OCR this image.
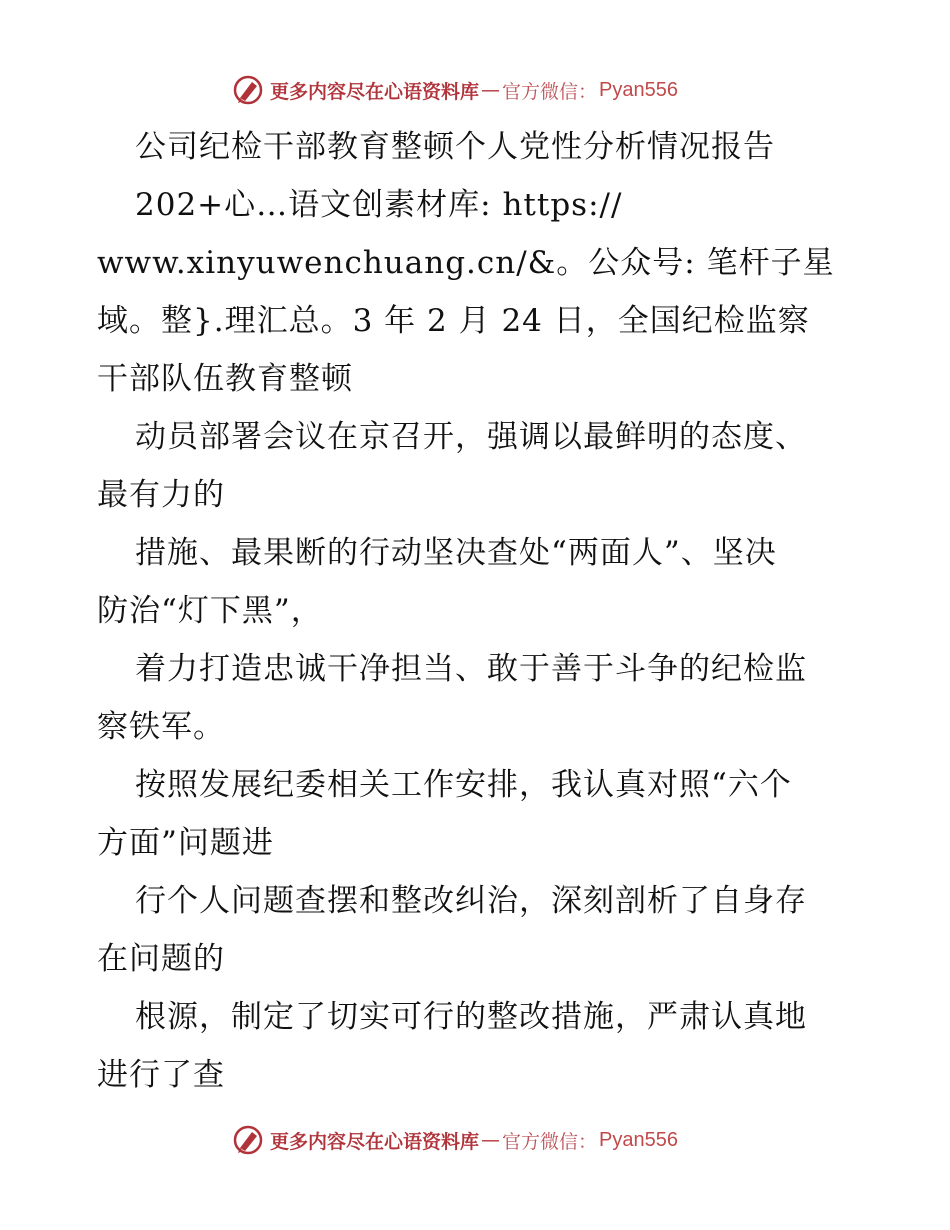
更多内容尽在心语资料库 — 官方微信： Pyan556
公司纪检干部教育整顿个人党性分析情况报告
202+心…语文创素材库: https://
www.xinyuwenchuang.cn/&。公众号: 笔杆子星
域。整}.理汇总。3 年 2 月 24 日，全国纪检监察
干部队伍教育整顿
动员部署会议在京召开，强调以最鲜明的态度、
最有力的
措施、最果断的行动坚决查处“两面人”、坚决
防治“灯下黑”，
着力打造忠诚干净担当、敢于善于斗争的纪检监
察铁军。
按照发展纪委相关工作安排，我认真对照“六个
方面”问题进
行个人问题查摆和整改纠治，深刻剖析了自身存
在问题的
根源，制定了切实可行的整改措施，严肃认真地
进行了查
更多内容尽在心语资料库 — 官方微信： Pyan556
